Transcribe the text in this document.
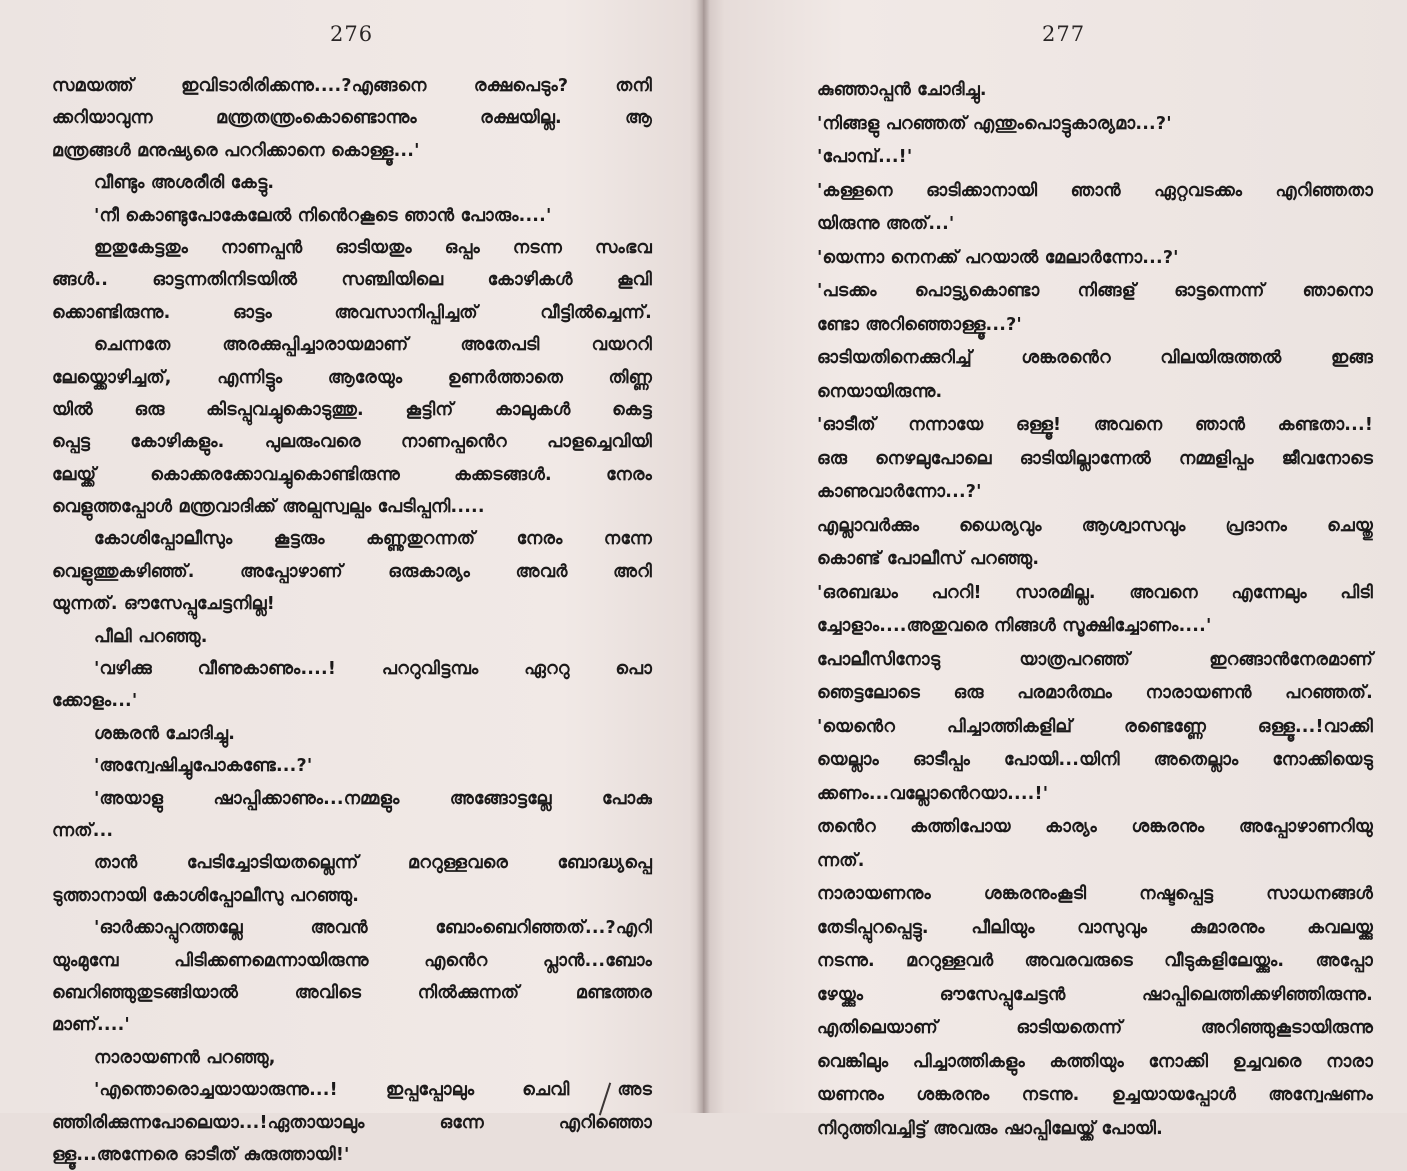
276
സമയത്ത് ഇവിടാരിരിക്കന്നു....?എങ്ങനെ രക്ഷപെടും? തനി
ക്കറിയാവുന്ന മന്ത്രതന്ത്രംകൊണ്ടൊന്നും രക്ഷയില്ല. ആ
മന്ത്രങ്ങൾ മനുഷ്യരെ പററിക്കാനെ കൊള്ളൂ...'
വീണ്ടും അശരീരി കേട്ടു.
'നീ കൊണ്ടുപോകേലേൽ നിൻെറകൂടെ ഞാൻ പോരും....'
ഇതുകേട്ടതും നാണപ്പൻ ഓടിയതും ഒപ്പം നടന്ന സംഭവ
ങ്ങൾ.. ഓട്ടന്നതിനിടയിൽ സഞ്ചിയിലെ കോഴികൾ കൂവി
ക്കൊണ്ടിരുന്നു. ഓട്ടം അവസാനിപ്പിച്ചത് വീട്ടിൽച്ചെന്ന്.
ചെന്നതേ അരക്കുപ്പിച്ചാരായമാണ് അതേപടി വയററി
ലേയ്ക്കൊഴിച്ചത്, എന്നിട്ടും ആരേയും ഉണർത്താതെ തിണ്ണ
യിൽ ഒരു കിടപ്പുവച്ചുകൊടുത്തു. കൂട്ടിന് കാലുകൾ കെട്ട
പ്പെട്ട കോഴികളും. പുലരുംവരെ നാണപ്പൻെറ പാളച്ചെവിയി
ലേയ്ക്ക് കൊക്കരക്കോവച്ചുകൊണ്ടിരുന്നു കക്കടങ്ങൾ. നേരം
വെളുത്തപ്പോൾ മന്ത്രവാദിക്ക് അല്പസ്വല്പം പേടിപ്പനി.....
കോശിപ്പോലീസും കൂട്ടരും കണ്ണുതുറന്നത് നേരം നന്നേ
വെളുത്തുകഴിഞ്ഞ്. അപ്പോഴാണ് ഒരുകാര്യം അവർ അറി
യുന്നത്. ഔസേപ്പുചേട്ടനില്ല!
പീലി പറഞ്ഞു.
'വഴിക്കു വീണുകാണും....! പററുവിട്ടമ്പം ഏററു പൊ
ക്കോളം...'
ശങ്കരൻ ചോദിച്ചു.
'അന്വേഷിച്ചുപോകണ്ടേ...?'
'അയാളു ഷാപ്പിക്കാണും...നമ്മളും അങ്ങോട്ടല്ലേ പോകു
ന്നത്...
താൻ പേടിച്ചോടിയതല്ലെന്ന് മററുള്ളവരെ ബോദ്ധ്യപ്പെ
ടുത്താനായി കോശിപ്പോലീസു പറഞ്ഞു.
'ഓർക്കാപ്പുറത്തല്ലേ അവൻ ബോംബെറിഞ്ഞത്...?എറി
യുംമുമ്പേ പിടിക്കണമെന്നായിരുന്നു എൻെറ പ്ലാൻ...ബോം
ബെറിഞ്ഞുതുടങ്ങിയാൽ അവിടെ നിൽക്കുന്നത് മണ്ടത്തര
മാണ്....'
നാരായണൻ പറഞ്ഞു,
'എന്തൊരൊച്ചയായാരുന്നു...! ഇപ്പപ്പോലും ചെവി അട
ഞ്ഞിരിക്കുന്നപോലെയാ...!ഏതായാലും ഒന്നേ എറിഞ്ഞൊ
ള്ളൂ...അന്നേരെ ഓടീത് കുരുത്തായി!'
277
കുഞ്ഞാപ്പൻ ചോദിച്ചു.
'നിങ്ങളു പറഞ്ഞത് എന്തുംപൊട്ടുകാര്യമാ...?'
'പോമ്പ്...!'
'കള്ളനെ ഓടിക്കാനായി ഞാൻ ഏറ്റവടക്കം എറിഞ്ഞതാ
യിരുന്നു അത്...'
'യെന്നാ നെനക്ക് പറയാൽ മേലാർന്നോ...?'
'പടക്കം പൊട്ട്യകൊണ്ടാ നിങ്ങള് ഓട്ടന്നെന്ന് ഞാനൊ
ണ്ടോ അറിഞ്ഞൊള്ളൂ...?'
ഓടിയതിനെക്കുറിച്ച് ശങ്കരൻെറ വിലയിരുത്തൽ ഇങ്ങ
നെയായിരുന്നു.
'ഓടീത് നന്നായേ ഒള്ളൂ! അവനെ ഞാൻ കണ്ടതാ...!
ഒരു നെഴലുപോലെ ഓടിയില്ലാന്നേൽ നമ്മളിപ്പം ജീവനോടെ
കാണുവാർന്നോ...?'
എല്ലാവർക്കും ധൈര്യവും ആശ്വാസവും പ്രദാനം ചെയ്തു
കൊണ്ട് പോലീസ് പറഞ്ഞു.
'ഒരബദ്ധം പററി! സാരമില്ല. അവനെ എന്നേലും പിടി
ച്ചോളാം....അതുവരെ നിങ്ങൾ സൂക്ഷിച്ചോണം....'
പോലീസിനോടു യാത്രപറഞ്ഞ് ഇറങ്ങാൻനേരമാണ്
ഞെട്ടലോടെ ഒരു പരമാർത്ഥം നാരായണൻ പറഞ്ഞത്.
'യെൻെറ പിച്ചാത്തികളില് രണ്ടെണ്ണേ ഒള്ളൂ...!വാക്കി
യെല്ലാം ഓടീപ്പം പോയി...യിനി അതെല്ലാം നോക്കിയെടു
ക്കണം...വല്ലോൻെറയാ....!'
തൻെറ കത്തിപോയ കാര്യം ശങ്കരനും അപ്പോഴാണറിയു
ന്നത്.
നാരായണനും ശങ്കരനുംകൂടി നഷ്ടപ്പെട്ട സാധനങ്ങൾ
തേടിപ്പുറപ്പെട്ടു. പീലിയും വാസുവും കുമാരനും കവലയ്ക്കു
നടന്നു. മററുള്ളവർ അവരവരുടെ വീടുകളിലേയ്ക്കും. അപ്പോ
ഴേയ്ക്കും ഔസേപ്പുചേട്ടൻ ഷാപ്പിലെത്തിക്കഴിഞ്ഞിരുന്നു.
എതിലെയാണ് ഓടിയതെന്ന് അറിഞ്ഞുകൂടായിരുന്നു
വെങ്കിലും പിച്ചാത്തികളും കത്തിയും നോക്കി ഉച്ചവരെ നാരാ
യണനും ശങ്കരനും നടന്നു. ഉച്ചയായപ്പോൾ അന്വേഷണം
നിറുത്തിവച്ചിട്ട് അവരും ഷാപ്പിലേയ്ക്ക് പോയി.
